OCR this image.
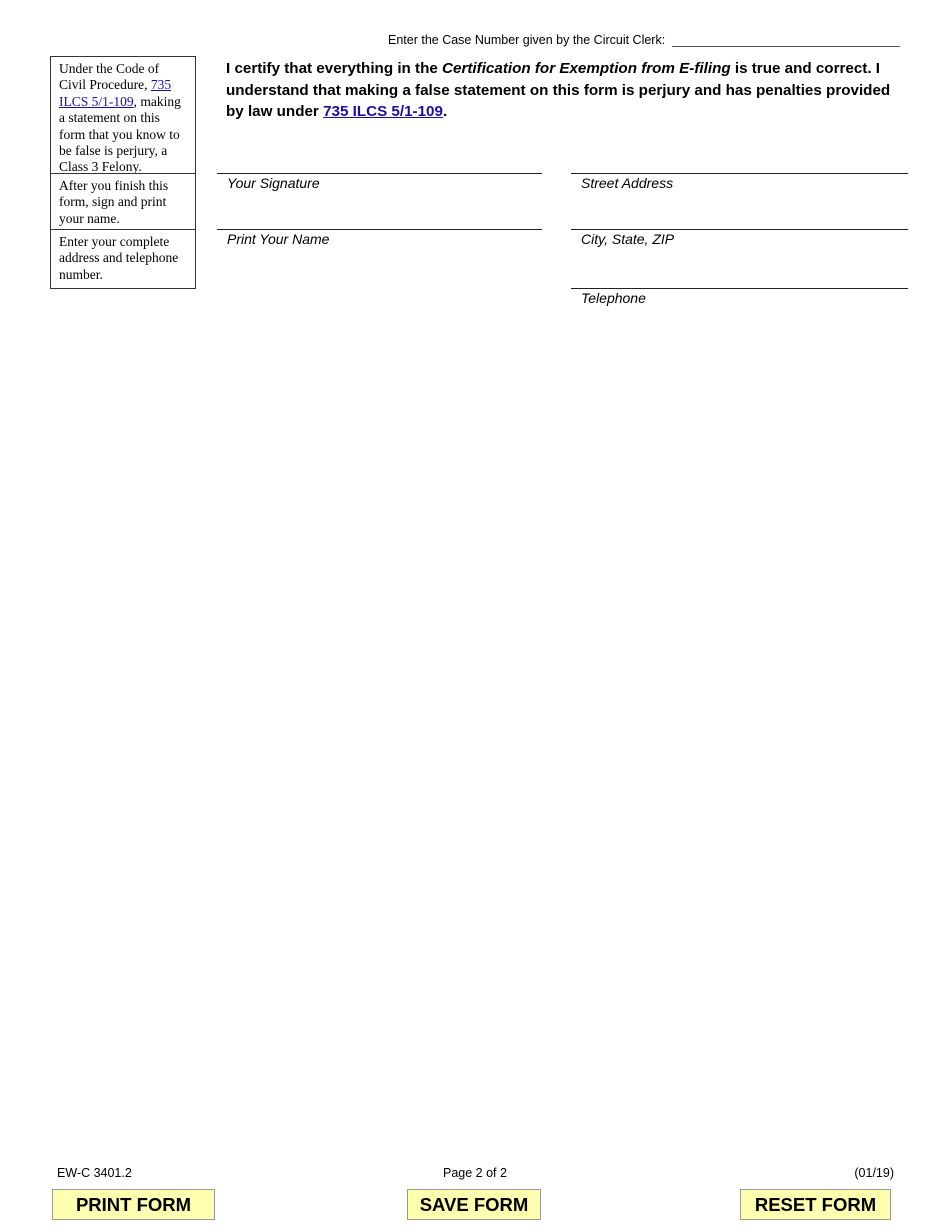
Enter the Case Number given by the Circuit Clerk:
Under the Code of Civil Procedure, 735 ILCS 5/1-109, making a statement on this form that you know to be false is perjury, a Class 3 Felony.
After you finish this form, sign and print your name.
Enter your complete address and telephone number.
I certify that everything in the Certification for Exemption from E-filing is true and correct. I understand that making a false statement on this form is perjury and has penalties provided by law under 735 ILCS 5/1-109.
Your Signature
Print Your Name
Street Address
City, State, ZIP
Telephone
EW-C 3401.2	Page 2 of 2	(01/19)
PRINT FORM	SAVE FORM	RESET FORM
